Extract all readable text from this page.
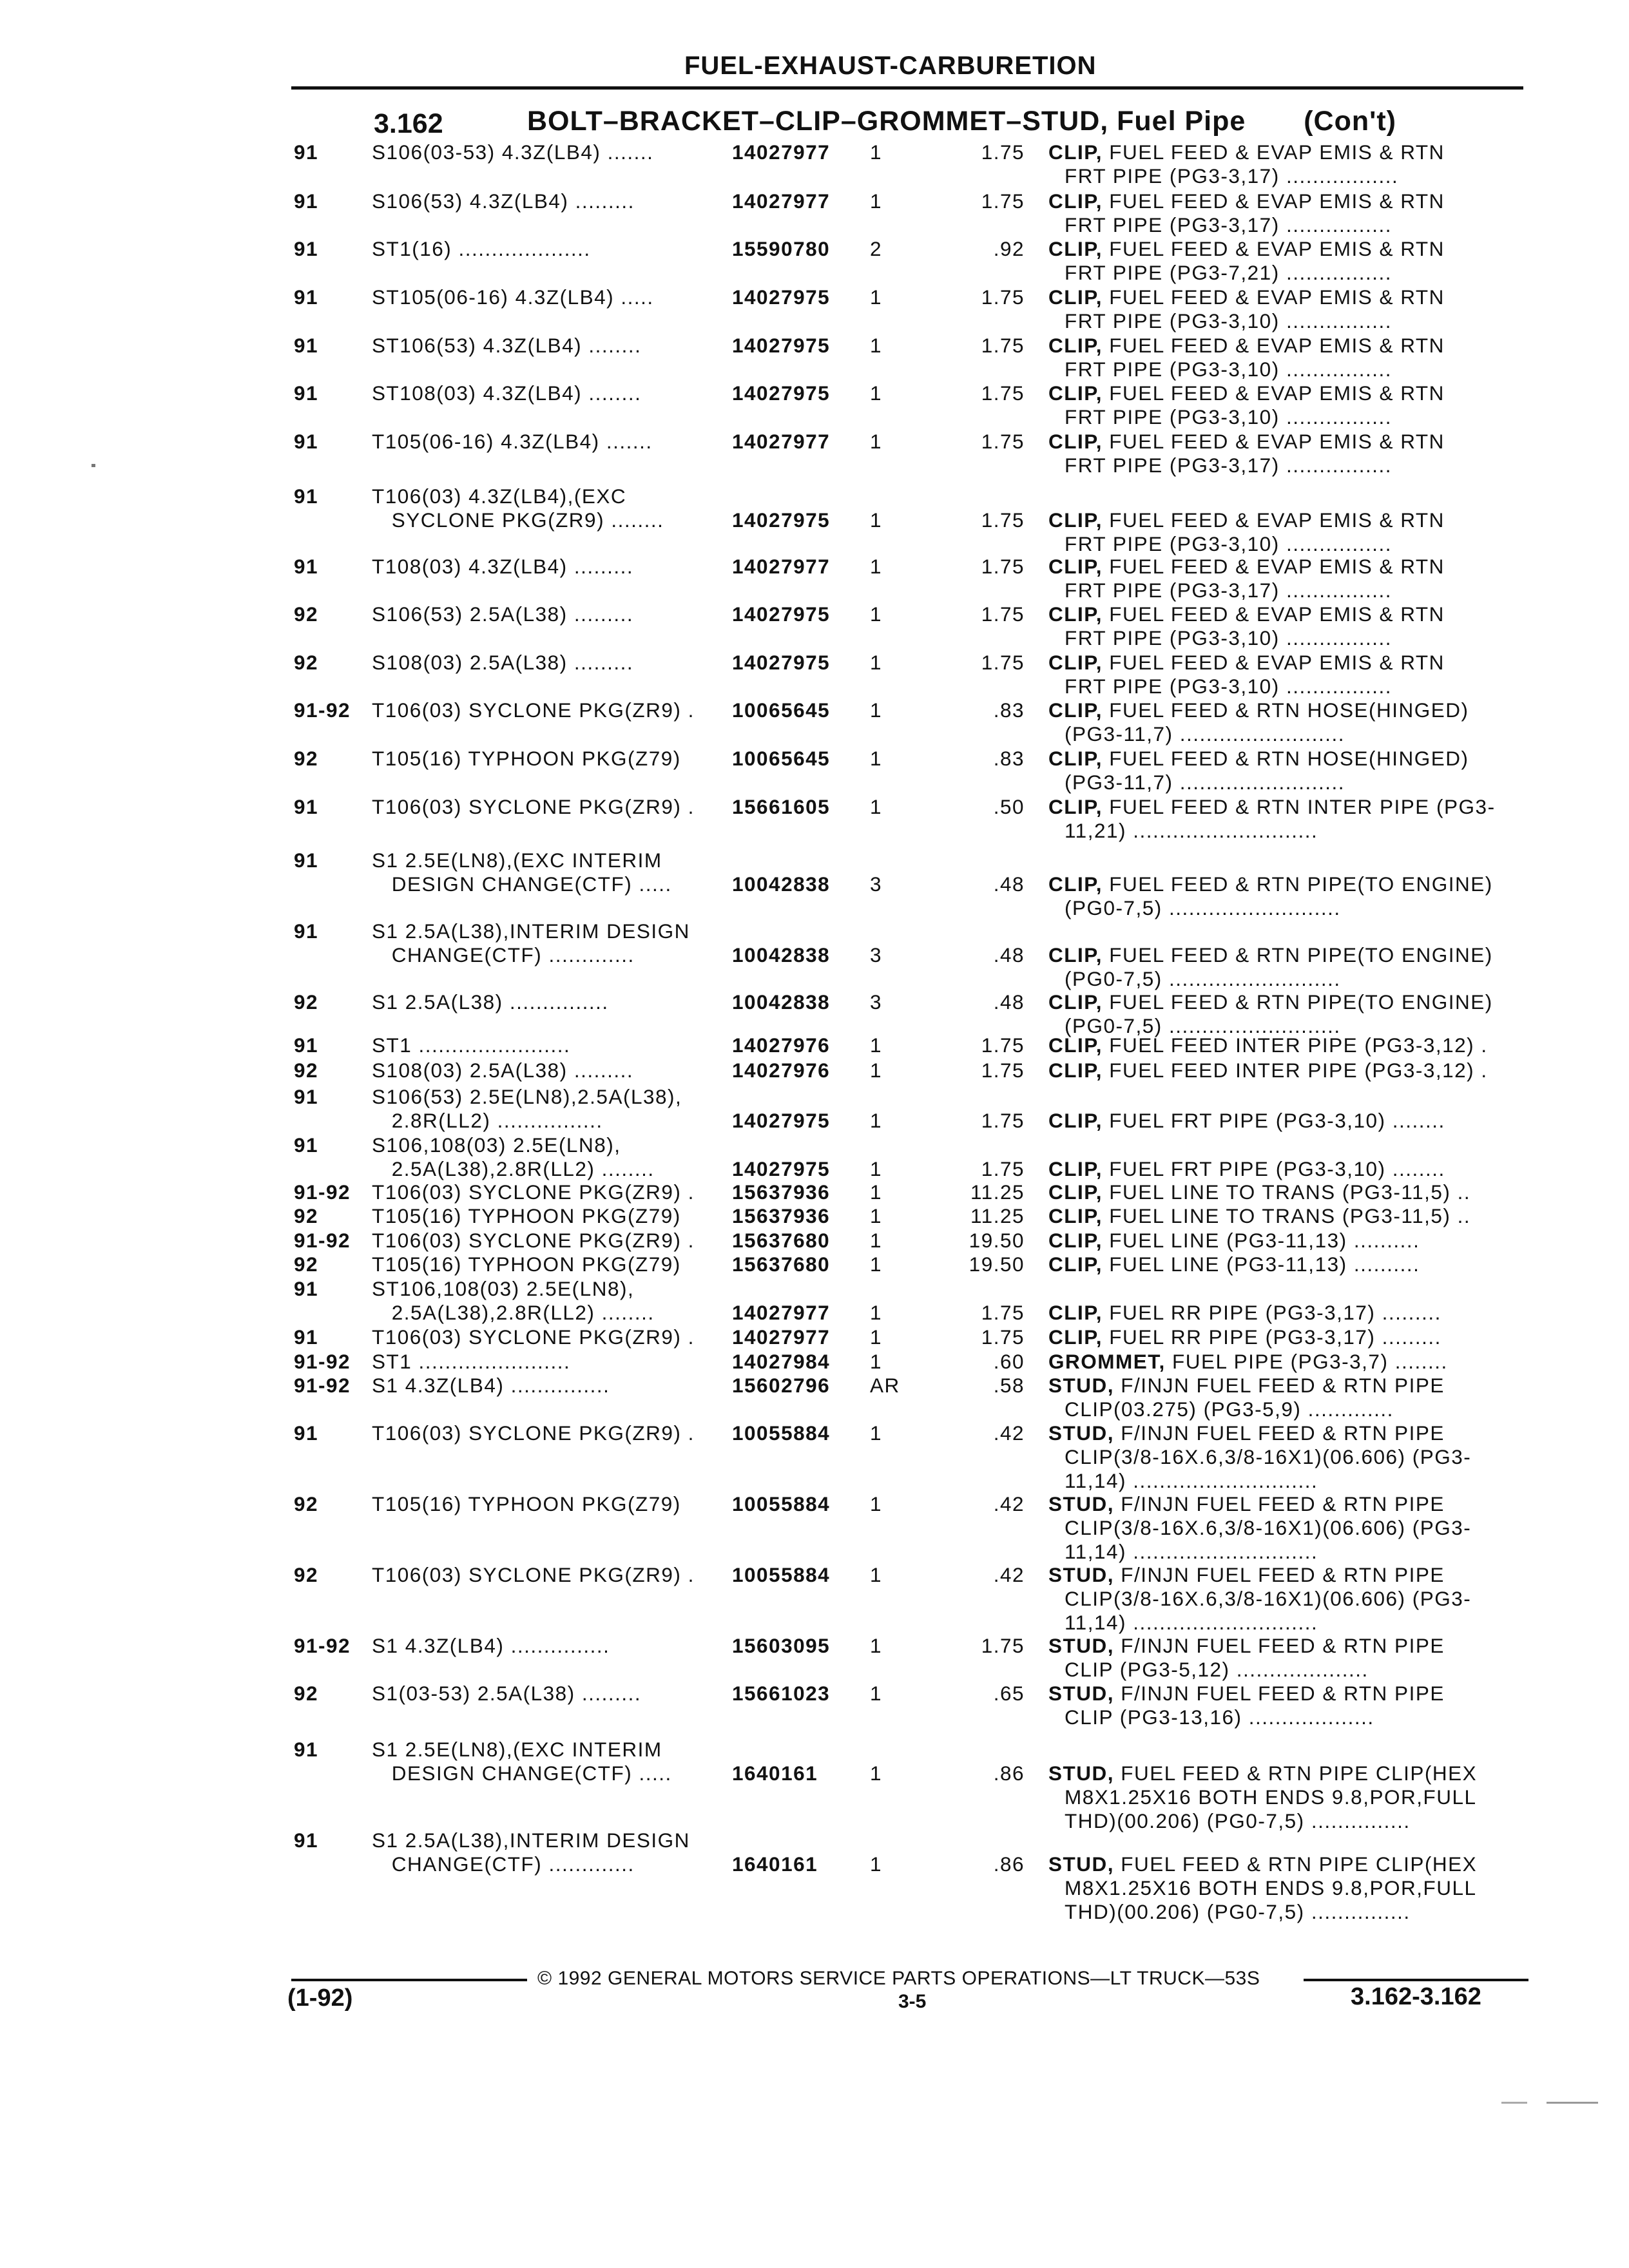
FUEL-EXHAUST-CARBURETION
3.162	BOLT–BRACKET–CLIP–GROMMET–STUD, Fuel Pipe (Con't)
91	S106(03-53) 4.3Z(LB4) .......	14027977 1	1.75 CLIP, FUEL FEED & EVAP EMIS & RTN
FRT PIPE (PG3-3,17) .................
91	S106(53) 4.3Z(LB4) .........	14027977 1	1.75 CLIP, FUEL FEED & EVAP EMIS & RTN
FRT PIPE (PG3-3,17) ................
91	ST1(16) ....................	15590780 2	.92 CLIP, FUEL FEED & EVAP EMIS & RTN
FRT PIPE (PG3-7,21) ................
91	ST105(06-16) 4.3Z(LB4) .....	14027975 1	1.75 CLIP, FUEL FEED & EVAP EMIS & RTN
FRT PIPE (PG3-3,10) ................
91	ST106(53) 4.3Z(LB4) ........	14027975 1	1.75 CLIP, FUEL FEED & EVAP EMIS & RTN
FRT PIPE (PG3-3,10) ................
91	ST108(03) 4.3Z(LB4) ........	14027975 1	1.75 CLIP, FUEL FEED & EVAP EMIS & RTN
FRT PIPE (PG3-3,10) ................
91	T105(06-16) 4.3Z(LB4) .......	14027977 1	1.75 CLIP, FUEL FEED & EVAP EMIS & RTN
FRT PIPE (PG3-3,17) ................
91	T106(03) 4.3Z(LB4),(EXC
SYCLONE PKG(ZR9) ........	14027975 1	1.75 CLIP, FUEL FEED & EVAP EMIS & RTN
FRT PIPE (PG3-3,10) ................
91	T108(03) 4.3Z(LB4) .........	14027977 1	1.75 CLIP, FUEL FEED & EVAP EMIS & RTN
FRT PIPE (PG3-3,17) ................
92	S106(53) 2.5A(L38) .........	14027975 1	1.75 CLIP, FUEL FEED & EVAP EMIS & RTN
FRT PIPE (PG3-3,10) ................
92	S108(03) 2.5A(L38) .........	14027975 1	1.75 CLIP, FUEL FEED & EVAP EMIS & RTN
FRT PIPE (PG3-3,10) ................
91-92 T106(03) SYCLONE PKG(ZR9) . 10065645 1	.83 CLIP, FUEL FEED & RTN HOSE(HINGED)
(PG3-11,7) .........................
92	T105(16) TYPHOON PKG(Z79)	10065645 1	.83 CLIP, FUEL FEED & RTN HOSE(HINGED)
(PG3-11,7) .........................
91	T106(03) SYCLONE PKG(ZR9) . 15661605 1	.50 CLIP, FUEL FEED & RTN INTER PIPE (PG3-
11,21) ............................
91	S1 2.5E(LN8),(EXC INTERIM
DESIGN CHANGE(CTF) .....	10042838 3	.48 CLIP, FUEL FEED & RTN PIPE(TO ENGINE)
(PG0-7,5) ..........................
91	S1 2.5A(L38),INTERIM DESIGN
CHANGE(CTF) .............	10042838 3	.48 CLIP, FUEL FEED & RTN PIPE(TO ENGINE)
(PG0-7,5) ..........................
92	S1 2.5A(L38) ...............	10042838 3	.48 CLIP, FUEL FEED & RTN PIPE(TO ENGINE)
(PG0-7,5) ..........................
91	ST1 .......................	14027976 1	1.75 CLIP, FUEL FEED INTER PIPE (PG3-3,12) .
92	S108(03) 2.5A(L38) .........	14027976 1	1.75 CLIP, FUEL FEED INTER PIPE (PG3-3,12) .
91	S106(53) 2.5E(LN8),2.5A(L38),
2.8R(LL2) ................	14027975 1	1.75 CLIP, FUEL FRT PIPE (PG3-3,10) ........
91	S106,108(03) 2.5E(LN8),
2.5A(L38),2.8R(LL2) ........	14027975 1	1.75 CLIP, FUEL FRT PIPE (PG3-3,10) ........
91-92 T106(03) SYCLONE PKG(ZR9) . 15637936 1	11.25 CLIP, FUEL LINE TO TRANS (PG3-11,5) ..
92	T105(16) TYPHOON PKG(Z79)	15637936 1	11.25 CLIP, FUEL LINE TO TRANS (PG3-11,5) ..
91-92 T106(03) SYCLONE PKG(ZR9) . 15637680 1	19.50 CLIP, FUEL LINE (PG3-11,13) ..........
92	T105(16) TYPHOON PKG(Z79)	15637680 1	19.50 CLIP, FUEL LINE (PG3-11,13) ..........
91	ST106,108(03) 2.5E(LN8),
2.5A(L38),2.8R(LL2) ........	14027977 1	1.75 CLIP, FUEL RR PIPE (PG3-3,17) .........
91	T106(03) SYCLONE PKG(ZR9) . 14027977 1	1.75 CLIP, FUEL RR PIPE (PG3-3,17) .........
91-92 ST1 .......................	14027984 1	.60 GROMMET, FUEL PIPE (PG3-3,7) ........
91-92 S1 4.3Z(LB4) ...............	15602796 AR	.58 STUD, F/INJN FUEL FEED & RTN PIPE
CLIP(03.275) (PG3-5,9) .............
91	T106(03) SYCLONE PKG(ZR9) . 10055884 1	.42 STUD, F/INJN FUEL FEED & RTN PIPE
CLIP(3/8-16X.6,3/8-16X1)(06.606) (PG3-
11,14) ............................
92	T105(16) TYPHOON PKG(Z79)	10055884 1	.42 STUD, F/INJN FUEL FEED & RTN PIPE
CLIP(3/8-16X.6,3/8-16X1)(06.606) (PG3-
11,14) ............................
92	T106(03) SYCLONE PKG(ZR9) . 10055884 1	.42 STUD, F/INJN FUEL FEED & RTN PIPE
CLIP(3/8-16X.6,3/8-16X1)(06.606) (PG3-
11,14) ............................
91-92 S1 4.3Z(LB4) ...............	15603095 1	1.75 STUD, F/INJN FUEL FEED & RTN PIPE
CLIP (PG3-5,12) ....................
92	S1(03-53) 2.5A(L38) .........	15661023 1	.65 STUD, F/INJN FUEL FEED & RTN PIPE
CLIP (PG3-13,16) ...................
91	S1 2.5E(LN8),(EXC INTERIM
DESIGN CHANGE(CTF) .....	1640161	1	.86 STUD, FUEL FEED & RTN PIPE CLIP(HEX
M8X1.25X16 BOTH ENDS 9.8,POR,FULL
THD)(00.206) (PG0-7,5) ...............
91	S1 2.5A(L38),INTERIM DESIGN
CHANGE(CTF) .............	1640161	1	.86 STUD, FUEL FEED & RTN PIPE CLIP(HEX
M8X1.25X16 BOTH ENDS 9.8,POR,FULL
THD)(00.206) (PG0-7,5) ...............
© 1992 GENERAL MOTORS SERVICE PARTS OPERATIONS—LT TRUCK—53S
(1-92)	3-5	3.162-3.162
